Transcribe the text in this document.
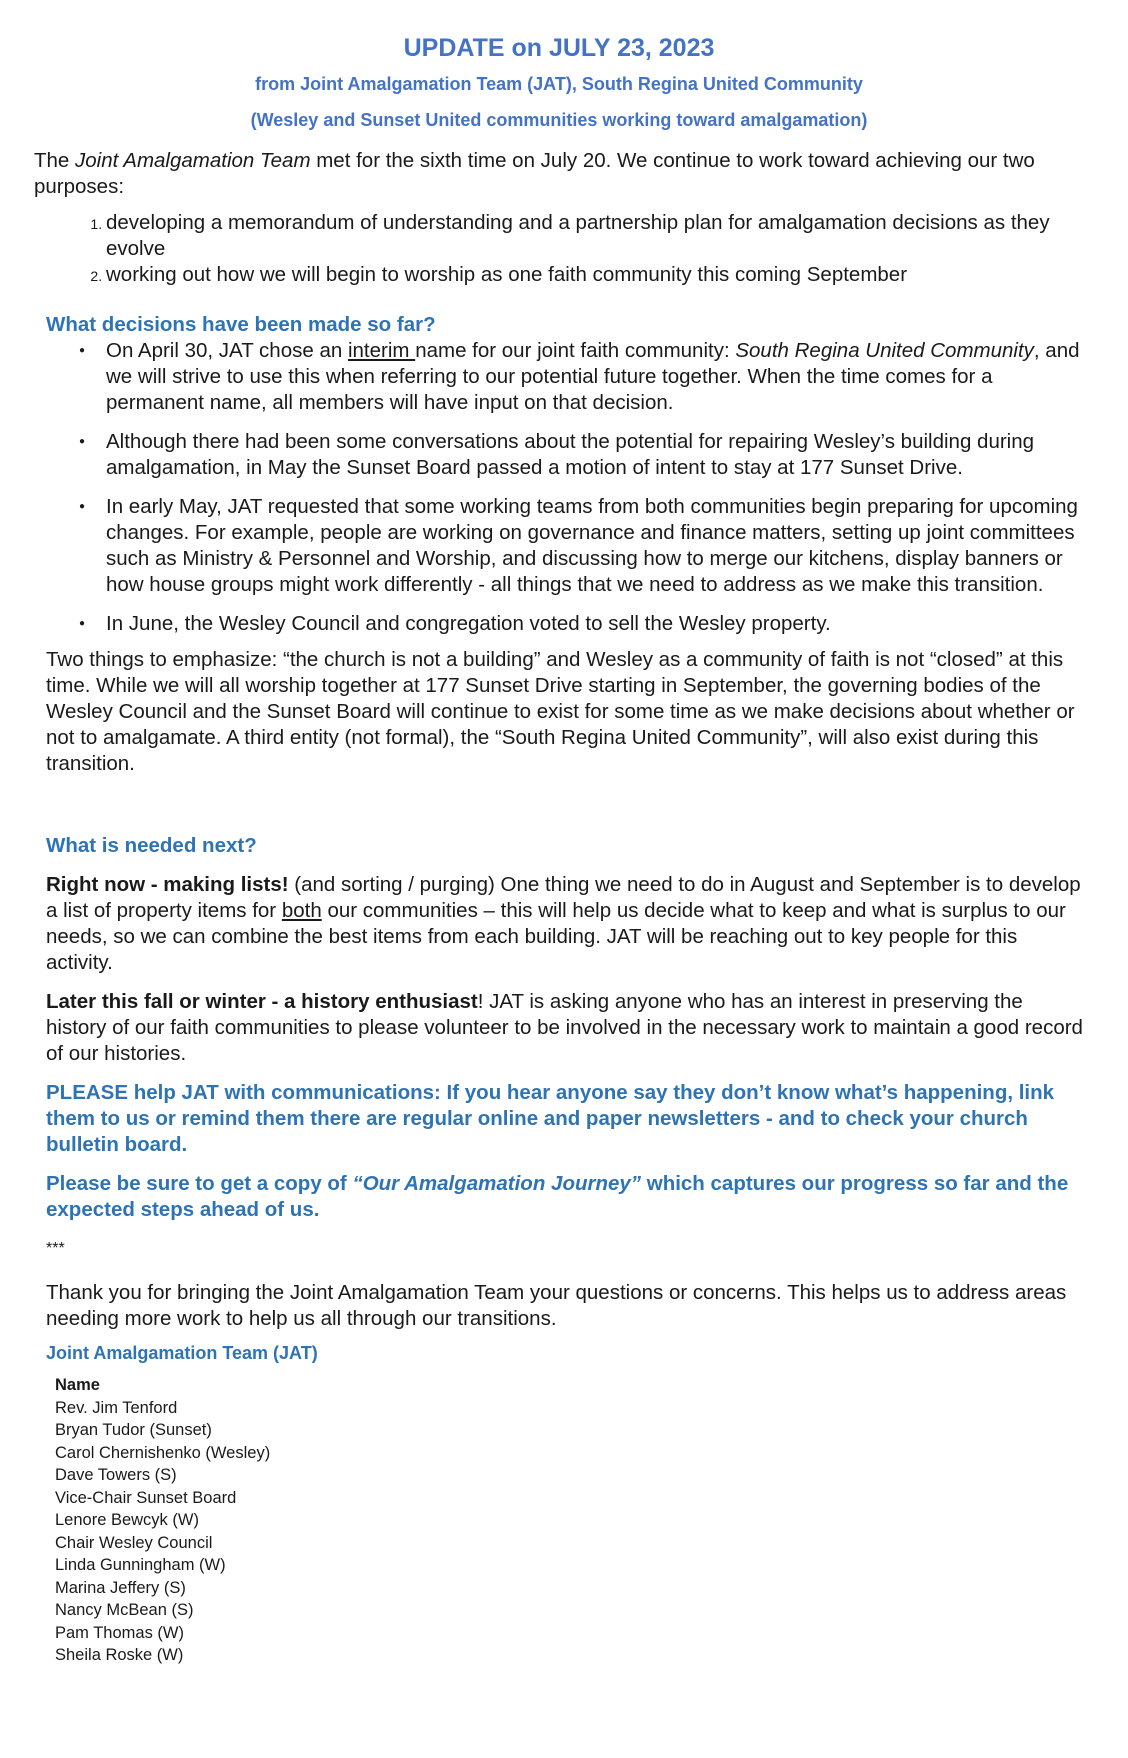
UPDATE on JULY 23, 2023
from Joint Amalgamation Team (JAT), South Regina United Community
(Wesley and Sunset United communities working toward amalgamation)

The Joint Amalgamation Team met for the sixth time on July 20. We continue to work toward achieving our two purposes:

1. developing a memorandum of understanding and a partnership plan for amalgamation decisions as they evolve
2. working out how we will begin to worship as one faith community this coming September
What decisions have been made so far?
● On April 30, JAT chose an interim name for our joint faith community: South Regina United Community, and we will strive to use this when referring to our potential future together. When the time comes for a permanent name, all members will have input on that decision.
● Although there had been some conversations about the potential for repairing Wesley’s building during amalgamation, in May the Sunset Board passed a motion of intent to stay at 177 Sunset Drive.
● In early May, JAT requested that some working teams from both communities begin preparing for upcoming changes. For example, people are working on governance and finance matters, setting up joint committees such as Ministry & Personnel and Worship, and discussing how to merge our kitchens, display banners or how house groups might work differently - all things that we need to address as we make this transition.
● In June, the Wesley Council and congregation voted to sell the Wesley property.

Two things to emphasize: “the church is not a building” and Wesley as a community of faith is not “closed” at this time. While we will all worship together at 177 Sunset Drive starting in September, the governing bodies of the Wesley Council and the Sunset Board will continue to exist for some time as we make decisions about whether or not to amalgamate. A third entity (not formal), the “South Regina United Community”, will also exist during this transition.

What is needed next?

Right now - making lists! (and sorting / purging) One thing we need to do in August and September is to develop a list of property items for both our communities – this will help us decide what to keep and what is surplus to our needs, so we can combine the best items from each building. JAT will be reaching out to key people for this activity.

Later this fall or winter - a history enthusiast! JAT is asking anyone who has an interest in preserving the history of our faith communities to please volunteer to be involved in the necessary work to maintain a good record of our histories.

PLEASE help JAT with communications: If you hear anyone say they don’t know what’s happening, link them to us or remind them there are regular online and paper newsletters - and to check your church bulletin board.

Please be sure to get a copy of “Our Amalgamation Journey” which captures our progress so far and the expected steps ahead of us.

***

Thank you for bringing the Joint Amalgamation Team your questions or concerns. This helps us to address areas needing more work to help us all through our transitions.

Joint Amalgamation Team (JAT)
Name
Rev. Jim Tenford
Bryan Tudor (Sunset)
Carol Chernishenko (Wesley)
Dave Towers (S)
Vice-Chair Sunset Board
Lenore Bewcyk (W)
Chair Wesley Council
Linda Gunningham (W)
Marina Jeffery (S)
Nancy McBean (S)
Pam Thomas (W)
Sheila Roske (W)
